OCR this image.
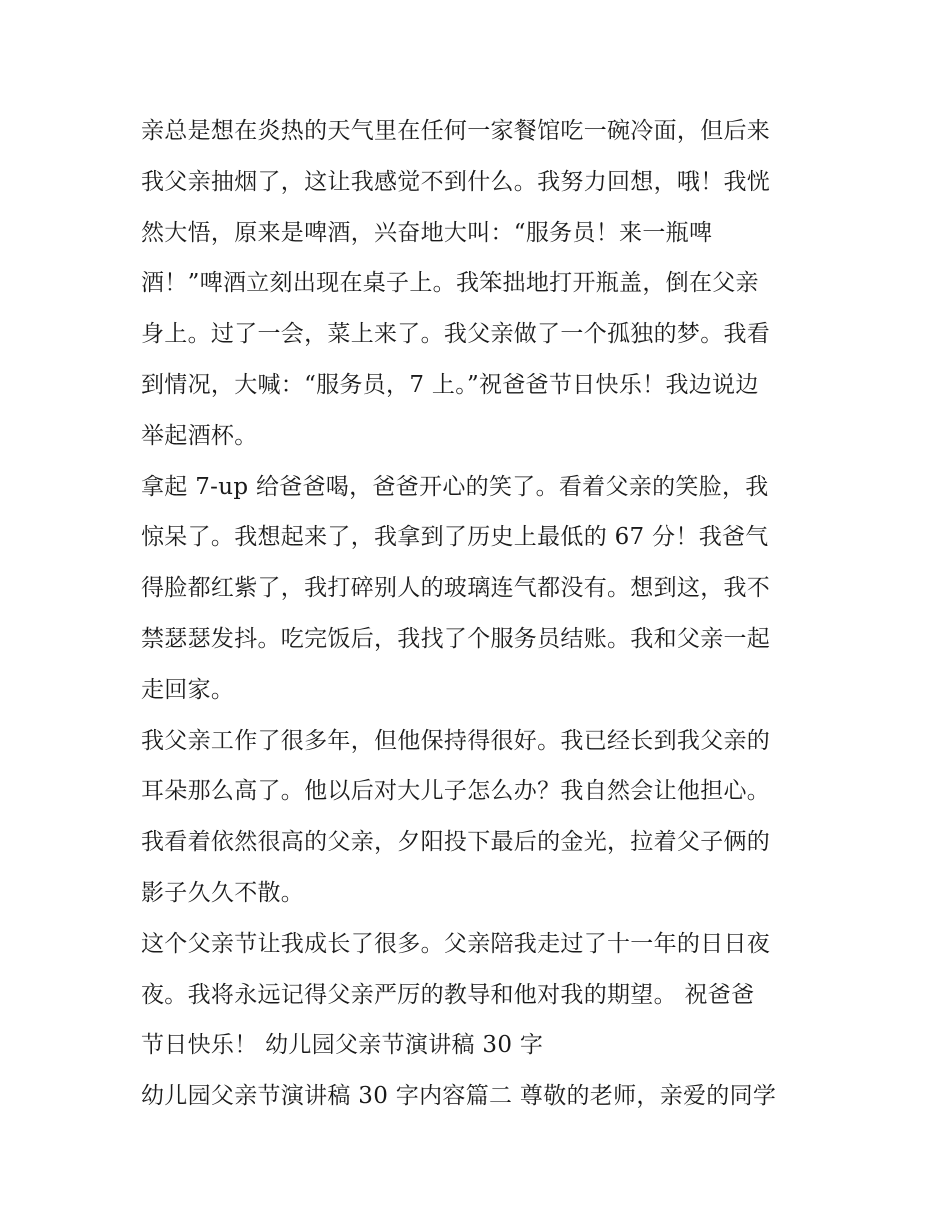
亲总是想在炎热的天气里在任何一家餐馆吃一碗冷面，但后来
我父亲抽烟了，这让我感觉不到什么。我努力回想，哦！我恍
然大悟，原来是啤酒，兴奋地大叫：“服务员！来一瓶啤
酒！”啤酒立刻出现在桌子上。我笨拙地打开瓶盖，倒在父亲
身上。过了一会，菜上来了。我父亲做了一个孤独的梦。我看
到情况，大喊：“服务员，7 上。”祝爸爸节日快乐！我边说边
举起酒杯。
拿起 7-up 给爸爸喝，爸爸开心的笑了。看着父亲的笑脸，我
惊呆了。我想起来了，我拿到了历史上最低的 67 分！我爸气
得脸都红紫了，我打碎别人的玻璃连气都没有。想到这，我不
禁瑟瑟发抖。吃完饭后，我找了个服务员结账。我和父亲一起
走回家。
我父亲工作了很多年，但他保持得很好。我已经长到我父亲的
耳朵那么高了。他以后对大儿子怎么办？我自然会让他担心。
我看着依然很高的父亲，夕阳投下最后的金光，拉着父子俩的
影子久久不散。
这个父亲节让我成长了很多。父亲陪我走过了十一年的日日夜
夜。我将永远记得父亲严厉的教导和他对我的期望。 祝爸爸
节日快乐！ 幼儿园父亲节演讲稿 30 字
幼儿园父亲节演讲稿 30 字内容篇二 尊敬的老师，亲爱的同学
